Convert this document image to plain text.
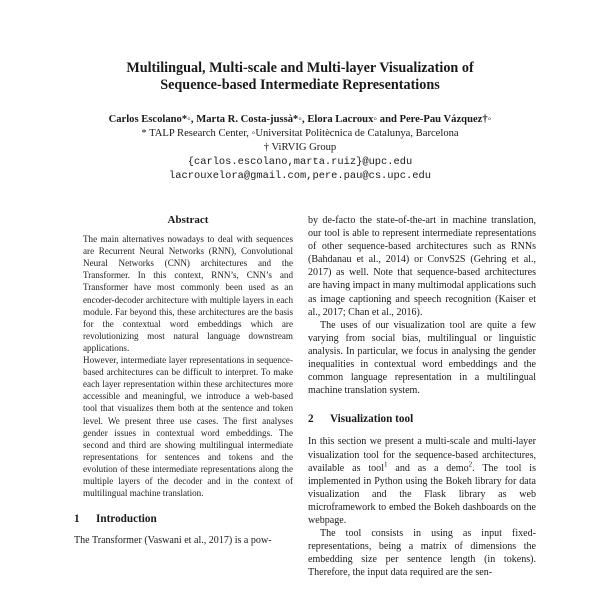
Multilingual, Multi-scale and Multi-layer Visualization of
Sequence-based Intermediate Representations
Carlos Escolano*◦, Marta R. Costa-jussà*◦, Elora Lacroux◦ and Pere-Pau Vázquez†◦
* TALP Research Center, ◦Universitat Politècnica de Catalunya, Barcelona
† ViRVIG Group
{carlos.escolano,marta.ruiz}@upc.edu
lacrouxelora@gmail.com,pere.pau@cs.upc.edu
Abstract

The main alternatives nowadays to deal with sequences are Recurrent Neural Networks (RNN), Convolutional Neural Networks (CNN) architectures and the Transformer. In this context, RNN’s, CNN’s and Transformer have most commonly been used as an encoder-decoder architecture with multiple layers in each module. Far beyond this, these architectures are the basis for the contextual word embeddings which are revolutionizing most natural language downstream applications.

However, intermediate layer representations in sequence-based architectures can be difficult to interpret. To make each layer representation within these architectures more accessible and meaningful, we introduce a web-based tool that visualizes them both at the sentence and token level. We present three use cases. The first analyses gender issues in contextual word embeddings. The second and third are showing multilingual intermediate representations for sentences and tokens and the evolution of these intermediate representations along the multiple layers of the decoder and in the context of multilingual machine translation.

1 Introduction

The Transformer (Vaswani et al., 2017) is a pow-

by de-facto the state-of-the-art in machine translation, our tool is able to represent intermediate representations of other sequence-based architectures such as RNNs (Bahdanau et al., 2014) or ConvS2S (Gehring et al., 2017) as well. Note that sequence-based architectures are having impact in many multimodal applications such as image captioning and speech recognition (Kaiser et al., 2017; Chan et al., 2016).

The uses of our visualization tool are quite a few varying from social bias, multilingual or linguistic analysis. In particular, we focus in analysing the gender inequalities in contextual word embeddings and the common language representation in a multilingual machine translation system.

2 Visualization tool

In this section we present a multi-scale and multi-layer visualization tool for the sequence-based architectures, available as tool$^1$ and as a demo$^2$. The tool is implemented in Python using the Bokeh library for data visualization and the Flask library as web microframework to embed the Bokeh dashboards on the webpage.

The tool consists in using as input fixed-representations, being a matrix of dimensions the embedding size per sentence length (in tokens). Therefore, the input data required are the sen-
